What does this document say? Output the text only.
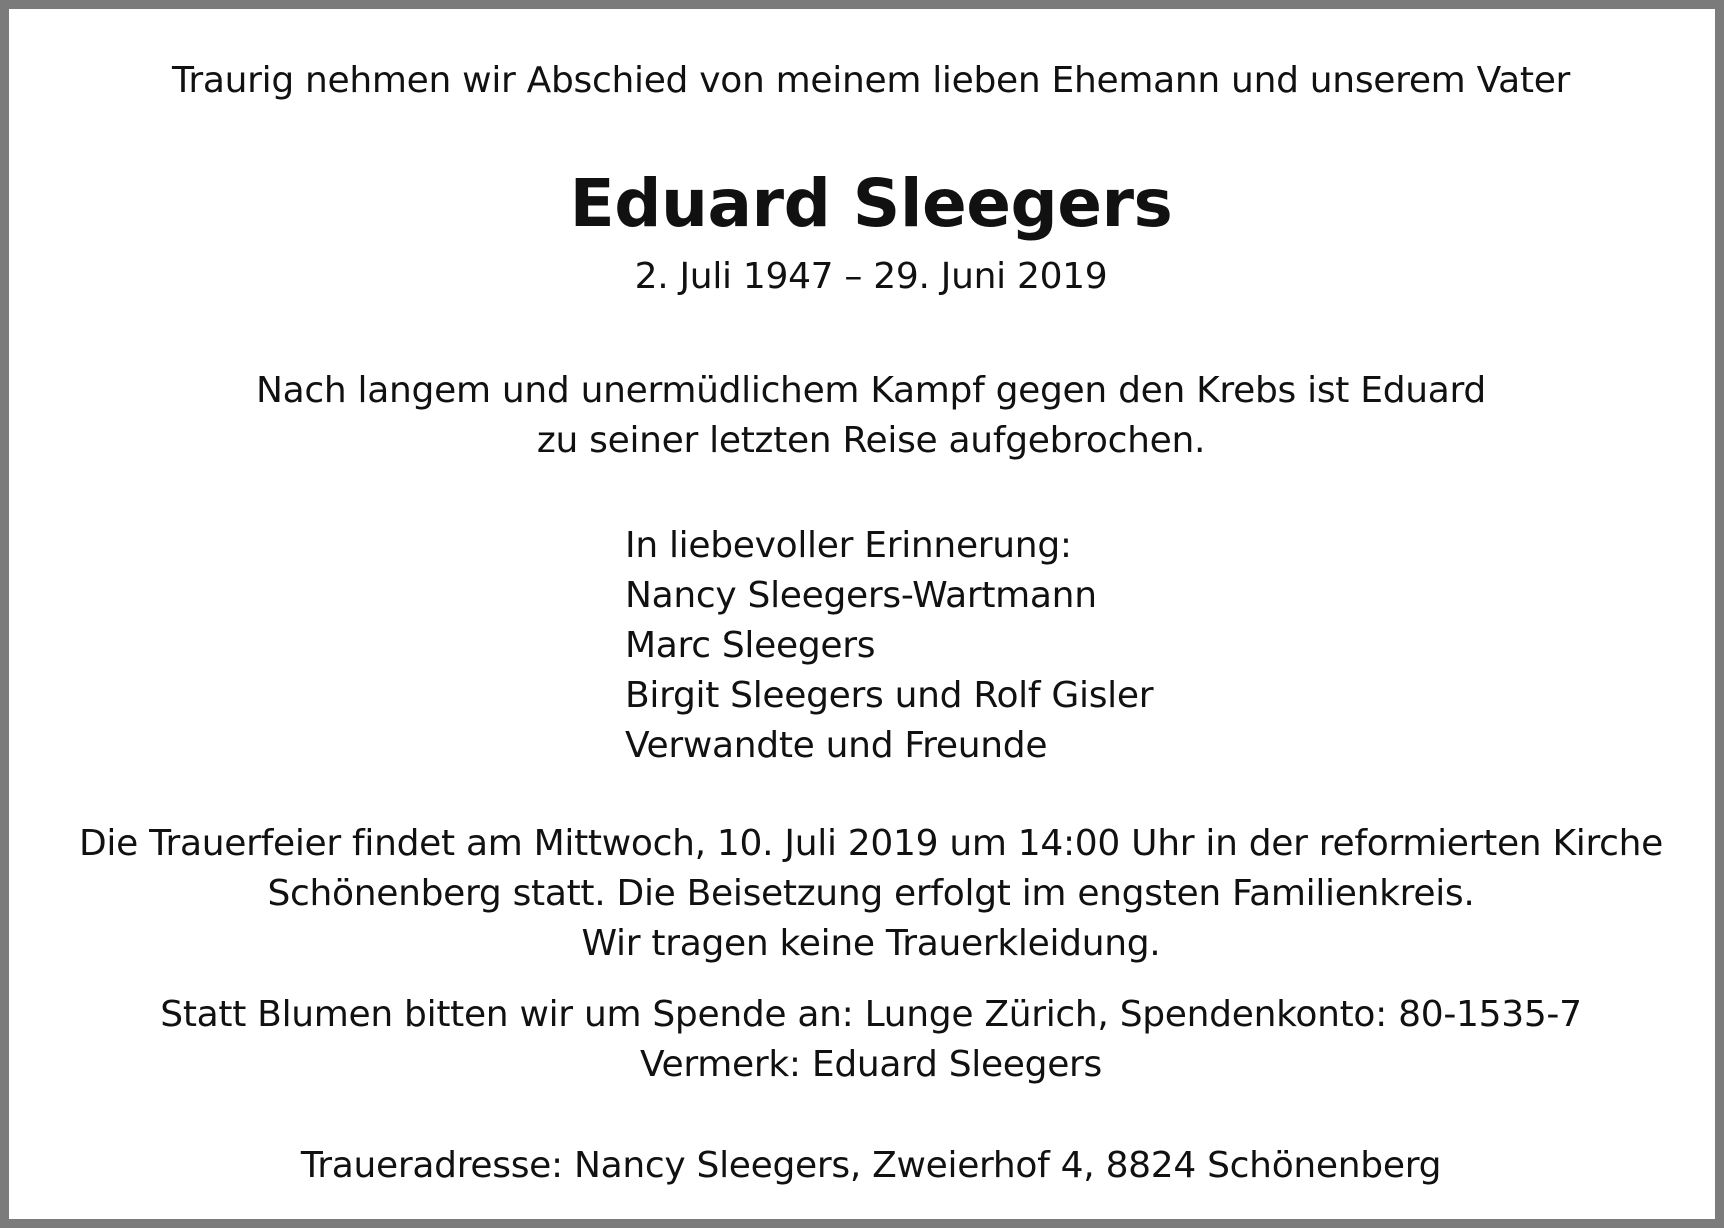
Traurig nehmen wir Abschied von meinem lieben Ehemann und unserem Vater
Eduard Sleegers
2. Juli 1947 – 29. Juni 2019
Nach langem und unermüdlichem Kampf gegen den Krebs ist Eduard
zu seiner letzten Reise aufgebrochen.
In liebevoller Erinnerung:
Nancy Sleegers-Wartmann
Marc Sleegers
Birgit Sleegers und Rolf Gisler
Verwandte und Freunde
Die Trauerfeier findet am Mittwoch, 10. Juli 2019 um 14:00 Uhr in der reformierten Kirche
Schönenberg statt. Die Beisetzung erfolgt im engsten Familienkreis.
Wir tragen keine Trauerkleidung.
Statt Blumen bitten wir um Spende an: Lunge Zürich, Spendenkonto: 80-1535-7
Vermerk: Eduard Sleegers
Traueradresse: Nancy Sleegers, Zweierhof 4, 8824 Schönenberg
